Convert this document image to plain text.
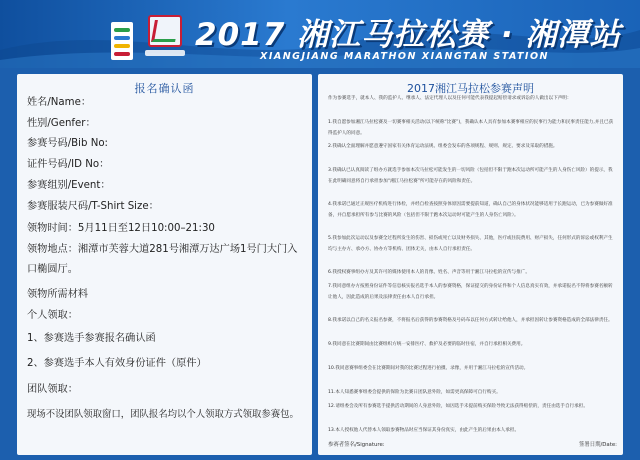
2017 湘江马拉松赛 · 湘潭站
XIANGJIANG MARATHON XIANGTAN STATION
报名确认函
姓名/Name：
性别/Genfer：
参赛号码/Bib No:
证件号码/ID No：
参赛组别/Event：
参赛服装尺码/T-Shirt Size：
领物时间：5月11日至12日10:00–21:30
领物地点：湘潭市芙蓉大道281号湘潭万达广场1号门大门入口椭圆厅。
领物所需材料
个人领取：
1、参赛选手参赛报名确认函
2、参赛选手本人有效身份证件（原件）
团队领取：
现场不设团队领取窗口，团队报名均以个人领取方式领取参赛包。
2017湘江马拉松参赛声明
作为参赛选手，就本人、我的监护人、继承人、法定代理人以及任何可能代表我提起赔偿请求或诉讼的人做出以下声明：
1.我自愿参加湘江马拉松赛及一切赛事相关活动(以下统称“比赛”)，我确认本人具有参加本赛事相应的民事行为能力和民事责任能力,并且已获得监护人的同意。
2.我确认全面理解并愿意遵守国家有关体育运动法规、组委会发布的各项规程、规则、规定、要求及采取的措施。
3.我确认已认真阅读了组办方就选手参加本次马拉松可能发生的一切风险（包括但不限于跑本次运动所可能产生的人身伤亡风险）的提示，我在此明确同意将自行承担参加“湘江马拉松赛”所可能存在的风险和责任。
4.我承诺已通过正规医疗机构进行体检，并经自检查按照身体原因需要提前知道，确认自己的身体状况能够适用于长跑运动，已为参赛做好准备，并自愿承担所有参与比赛的风险（包括但不限于跑本次运动时可能产生的人身伤亡风险）。
5.我参加此次运动以及参赛全过程所发生的伤害、损伤或死亡以及财务损失、其他，医疗或住院费用、财产损失，任何形式的诉讼或权利产生均与主办方、承办方、协办方等机构、团体无关，由本人自行承担责任。
6.我授权赛事组办方及其许可的媒体使用本人的肖像、姓名、声音等用于湘江马拉松的宣传与推广。
7.我同意组办方按照身份证件等信息核实报名选手本人的参赛资格，保证提交的身份证件和个人信息真实有效，并承诺报名不得将参赛名额转让他人，因此造成的后果及法律责任由本人自行承担。
8.我承诺以自己的名义报名参赛，不将报名后获得的参赛资格及号码布以任何方式转让给他人，并承担因转让参赛资格造成的全部法律责任。
9.我同意在比赛期间由比赛组织方统一安排医疗、救护及必要的临时住宿，并自行承担相关费用。
10.我同意赛事组委会在比赛期间对我的比赛过程进行拍摄、录像，并用于湘江马拉松的宣传活动。
11.本人知悉赛事组委会提供的保险为比赛日团队意外险，如需更高保障可自行购买。
12.请组委会及所有参赛选手提供活动期间的人身意外险，如因选手未提前购买保险导致无法获得赔偿的，责任由选手自行承担。
13.本人授权他人代替本人领取参赛物品时应当保证其身份真实，由此产生的后果由本人承担。
参赛者签名/Signature:	签署日期/Date:
